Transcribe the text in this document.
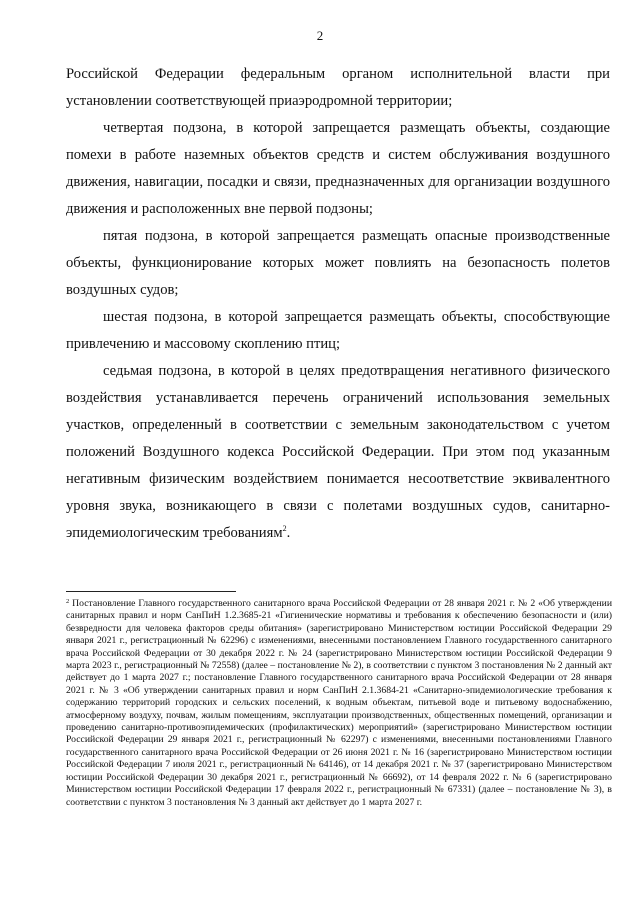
2

Российской Федерации федеральным органом исполнительной власти при установлении соответствующей приаэродромной территории;

четвертая подзона, в которой запрещается размещать объекты, создающие помехи в работе наземных объектов средств и систем обслуживания воздушного движения, навигации, посадки и связи, предназначенных для организации воздушного движения и расположенных вне первой подзоны;

пятая подзона, в которой запрещается размещать опасные производственные объекты, функционирование которых может повлиять на безопасность полетов воздушных судов;

шестая подзона, в которой запрещается размещать объекты, способствующие привлечению и массовому скоплению птиц;

седьмая подзона, в которой в целях предотвращения негативного физического воздействия устанавливается перечень ограничений использования земельных участков, определенный в соответствии с земельным законодательством с учетом положений Воздушного кодекса Российской Федерации. При этом под указанным негативным физическим воздействием понимается несоответствие эквивалентного уровня звука, возникающего в связи с полетами воздушных судов, санитарно-эпидемиологическим требованиям$^2$.

$^2$ Постановление Главного государственного санитарного врача Российской Федерации от 28 января 2021 г. № 2 «Об утверждении санитарных правил и норм СанПиН 1.2.3685-21 «Гигиенические нормативы и требования к обеспечению безопасности и (или) безвредности для человека факторов среды обитания» (зарегистрировано Министерством юстиции Российской Федерации 29 января 2021 г., регистрационный № 62296) с изменениями, внесенными постановлением Главного государственного санитарного врача Российской Федерации от 30 декабря 2022 г. № 24 (зарегистрировано Министерством юстиции Российской Федерации 9 марта 2023 г., регистрационный № 72558) (далее – постановление № 2), в соответствии с пунктом 3 постановления № 2 данный акт действует до 1 марта 2027 г.; постановление Главного государственного санитарного врача Российской Федерации от 28 января 2021 г. № 3 «Об утверждении санитарных правил и норм СанПиН 2.1.3684-21 «Санитарно-эпидемиологические требования к содержанию территорий городских и сельских поселений, к водным объектам, питьевой воде и питьевому водоснабжению, атмосферному воздуху, почвам, жилым помещениям, эксплуатации производственных, общественных помещений, организации и проведению санитарно-противоэпидемических (профилактических) мероприятий» (зарегистрировано Министерством юстиции Российской Федерации 29 января 2021 г., регистрационный № 62297) с изменениями, внесенными постановлениями Главного государственного санитарного врача Российской Федерации от 26 июня 2021 г. № 16 (зарегистрировано Министерством юстиции Российской Федерации 7 июля 2021 г., регистрационный № 64146), от 14 декабря 2021 г. № 37 (зарегистрировано Министерством юстиции Российской Федерации 30 декабря 2021 г., регистрационный № 66692), от 14 февраля 2022 г. № 6 (зарегистрировано Министерством юстиции Российской Федерации 17 февраля 2022 г., регистрационный № 67331) (далее – постановление № 3), в соответствии с пунктом 3 постановления № 3 данный акт действует до 1 марта 2027 г.
